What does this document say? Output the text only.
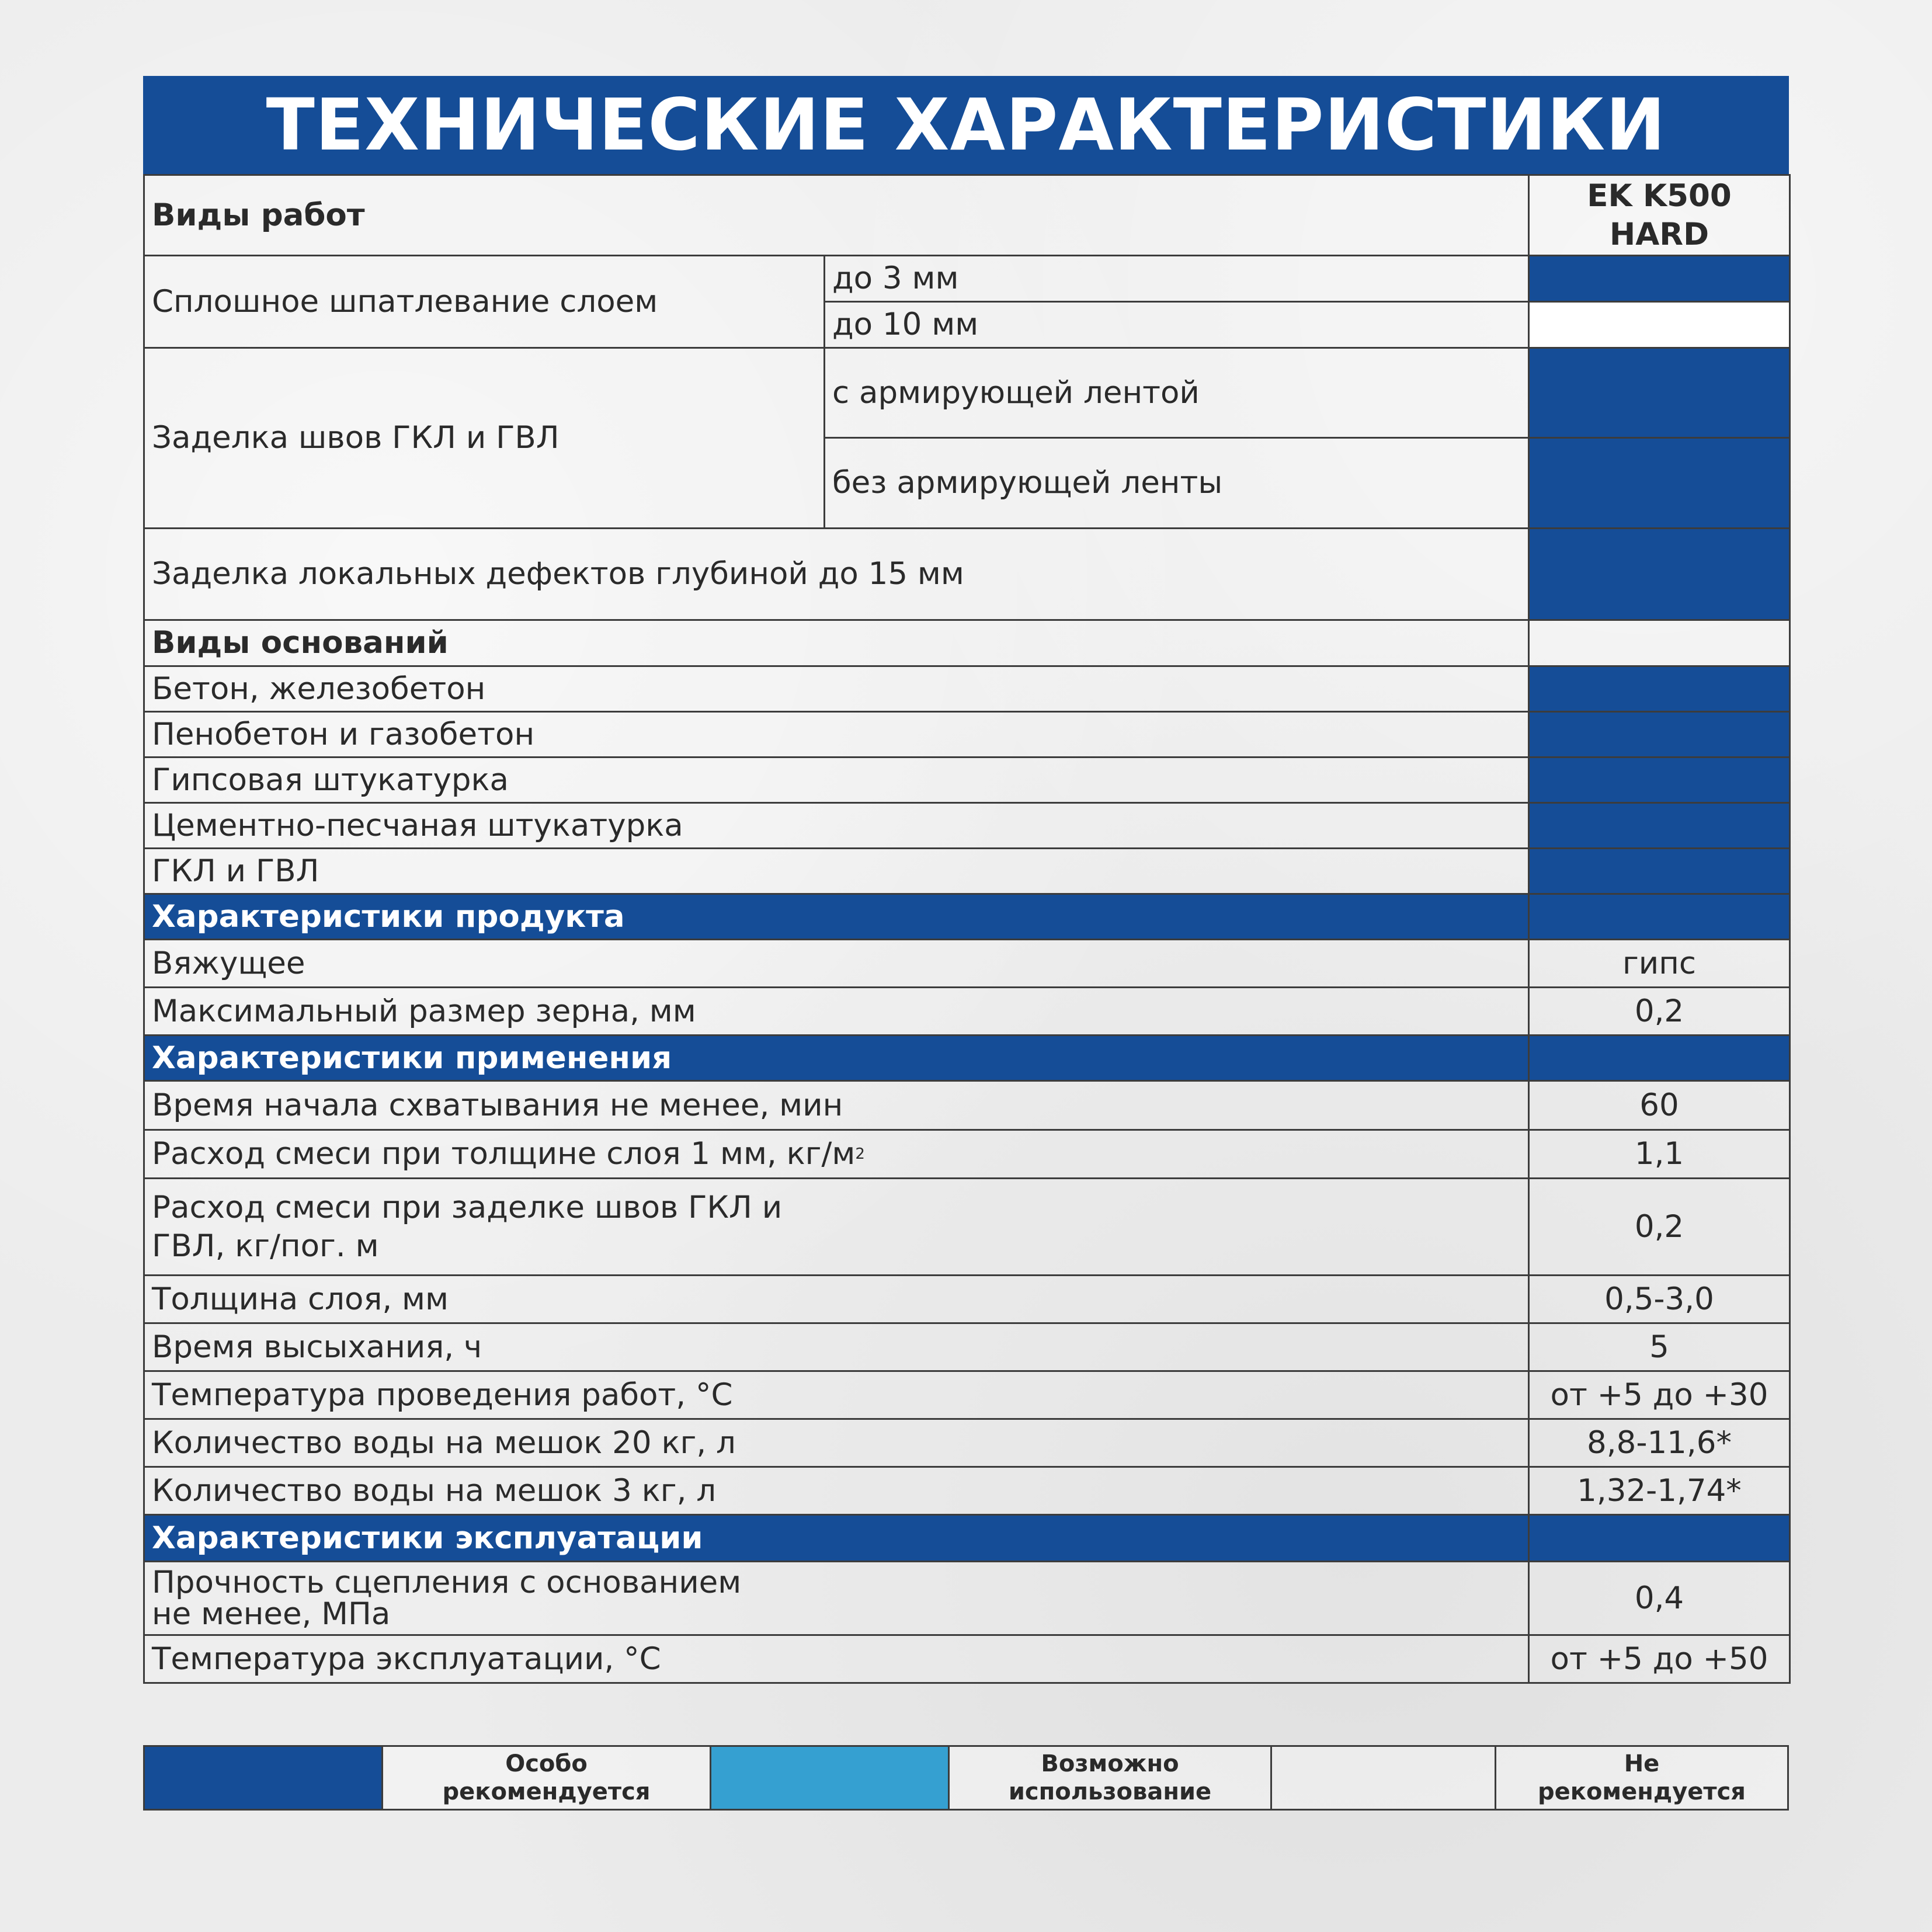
ТЕХНИЧЕСКИЕ ХАРАКТЕРИСТИКИ
Виды работ		EK K500 HARD
Сплошное шпатлевание слоем	до 3 мм	
	до 10 мм	
Заделка швов ГКЛ и ГВЛ	с армирующей лентой	
	без армирующей ленты	
Заделка локальных дефектов глубиной до 15 мм		
Виды оснований		
Бетон, железобетон		
Пенобетон и газобетон		
Гипсовая штукатурка		
Цементно-песчаная штукатурка		
ГКЛ и ГВЛ		
Характеристики продукта		
Вяжущее		гипс
Максимальный размер зерна, мм		0,2
Характеристики применения		
Время начала схватывания не менее, мин		60
Расход смеси при толщине слоя 1 мм, $кг/м^2$		1,1

Расход смеси при заделке швов ГКЛ и ГВЛ, кг/пог. м		0,2
Толщина слоя, мм		0,5-3,0
Время высыхания, ч		5
Температура проведения работ, °С		от +5 до +30
Количество воды на мешок 20 кг, л		8,8-11,6*
Количество воды на мешок 3 кг, л		1,32-1,74*
Характеристики эксплуатации		

Прочность сцепления с основанием не менее, МПа		0,4
Температура эксплуатации, °С		от +5 до +50
Особо рекомендуется
Возможно использование
Не рекомендуется
